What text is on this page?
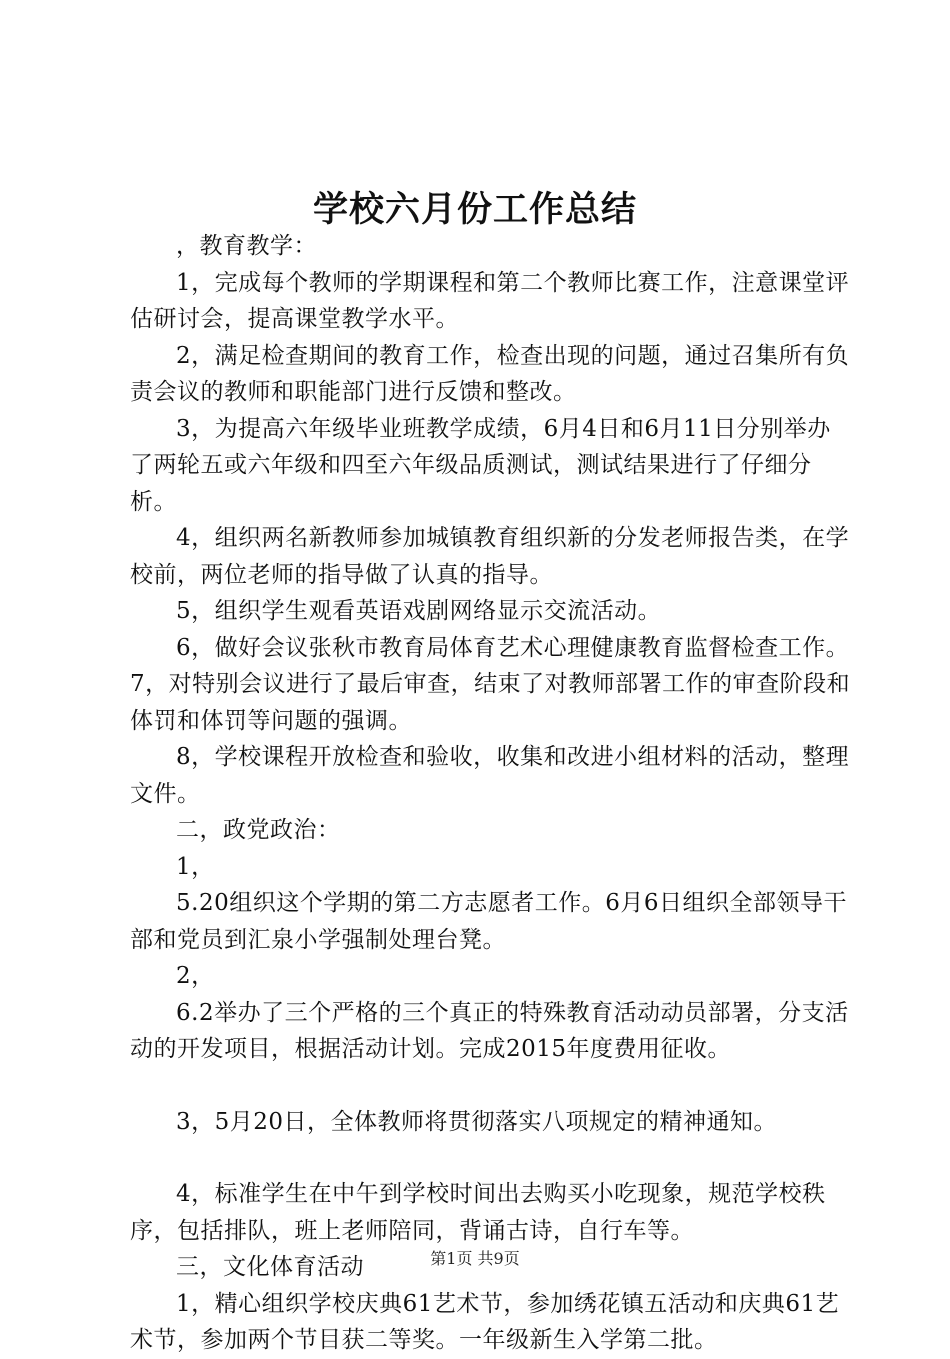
学校六月份工作总结

，教育教学：

1，完成每个教师的学期课程和第二个教师比赛工作，注意课堂评估研讨会，提高课堂教学水平。

2，满足检查期间的教育工作，检查出现的问题，通过召集所有负责会议的教师和职能部门进行反馈和整改。

3，为提高六年级毕业班教学成绩，6月4日和6月11日分别举办了两轮五或六年级和四至六年级品质测试，测试结果进行了仔细分析。

4，组织两名新教师参加城镇教育组织新的分发老师报告类，在学校前，两位老师的指导做了认真的指导。

5，组织学生观看英语戏剧网络显示交流活动。

6，做好会议张秋市教育局体育艺术心理健康教育监督检查工作。7，对特别会议进行了最后审查，结束了对教师部署工作的审查阶段和体罚和体罚等问题的强调。

8，学校课程开放检查和验收，收集和改进小组材料的活动，整理文件。

二，政党政治：

1，

5.20组织这个学期的第二方志愿者工作。6月6日组织全部领导干部和党员到汇泉小学强制处理台凳。

2，

6.2举办了三个严格的三个真正的特殊教育活动动员部署，分支活动的开发项目，根据活动计划。完成2015年度费用征收。

3，5月20日，全体教师将贯彻落实八项规定的精神通知。

4，标准学生在中午到学校时间出去购买小吃现象，规范学校秩序，包括排队，班上老师陪同，背诵古诗，自行车等。

三，文化体育活动

1，精心组织学校庆典61艺术节，参加绣花镇五活动和庆典61艺术节，参加两个节目获二等奖。一年级新生入学第二批。

第1页 共9页
